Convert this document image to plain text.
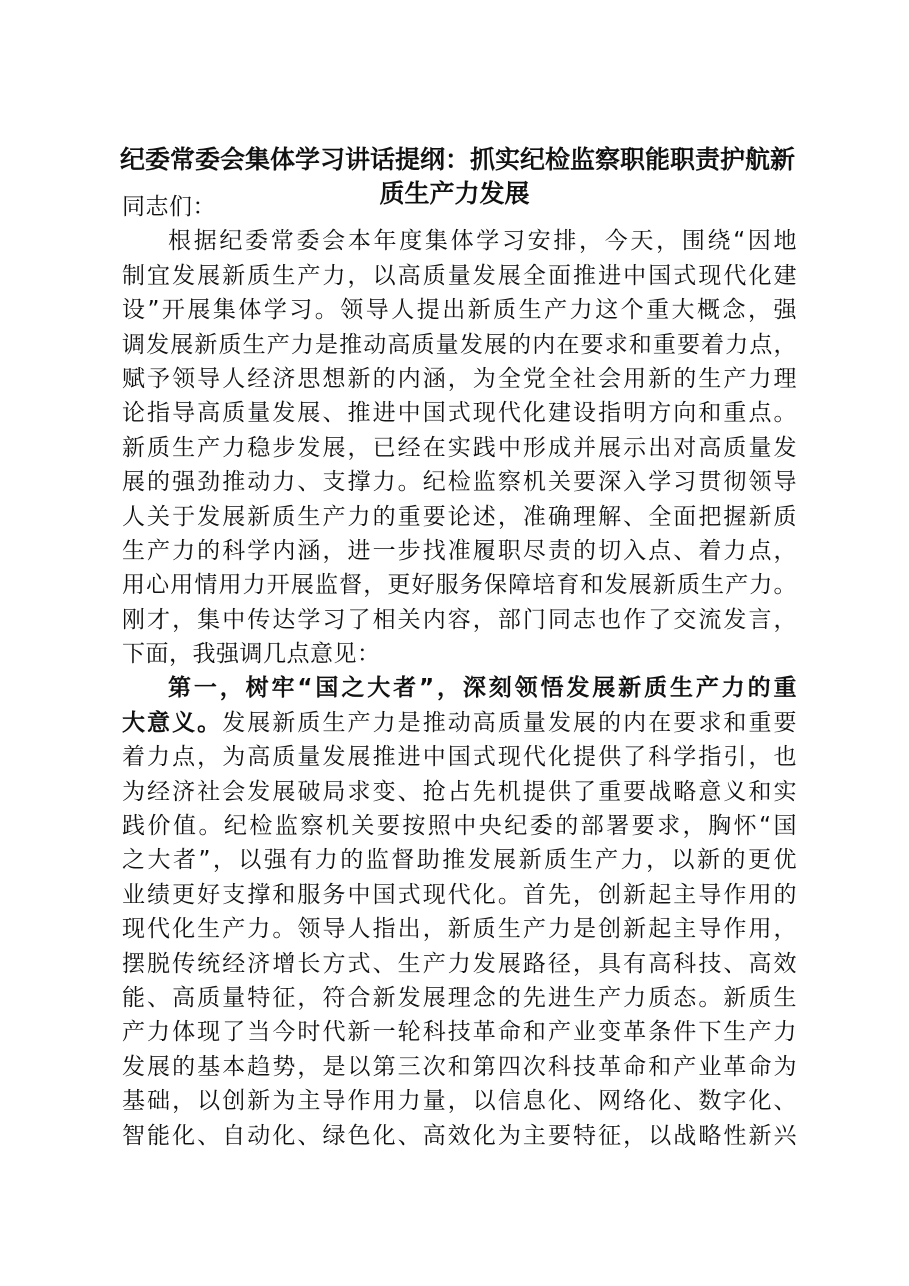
纪委常委会集体学习讲话提纲：抓实纪检监察职能职责护航新
质生产力发展
同志们：
根据纪委常委会本年度集体学习安排，今天，围绕“因地
制宜发展新质生产力，以高质量发展全面推进中国式现代化建
设”开展集体学习。领导人提出新质生产力这个重大概念，强
调发展新质生产力是推动高质量发展的内在要求和重要着力点，
赋予领导人经济思想新的内涵，为全党全社会用新的生产力理
论指导高质量发展、推进中国式现代化建设指明方向和重点。
新质生产力稳步发展，已经在实践中形成并展示出对高质量发
展的强劲推动力、支撑力。纪检监察机关要深入学习贯彻领导
人关于发展新质生产力的重要论述，准确理解、全面把握新质
生产力的科学内涵，进一步找准履职尽责的切入点、着力点，
用心用情用力开展监督，更好服务保障培育和发展新质生产力。
刚才，集中传达学习了相关内容，部门同志也作了交流发言，
下面，我强调几点意见：
第一，树牢“国之大者”，深刻领悟发展新质生产力的重
大意义。发展新质生产力是推动高质量发展的内在要求和重要
着力点，为高质量发展推进中国式现代化提供了科学指引，也
为经济社会发展破局求变、抢占先机提供了重要战略意义和实
践价值。纪检监察机关要按照中央纪委的部署要求，胸怀“国
之大者”，以强有力的监督助推发展新质生产力，以新的更优
业绩更好支撑和服务中国式现代化。首先，创新起主导作用的
现代化生产力。领导人指出，新质生产力是创新起主导作用，
摆脱传统经济增长方式、生产力发展路径，具有高科技、高效
能、高质量特征，符合新发展理念的先进生产力质态。新质生
产力体现了当今时代新一轮科技革命和产业变革条件下生产力
发展的基本趋势，是以第三次和第四次科技革命和产业革命为
基础，以创新为主导作用力量，以信息化、网络化、数字化、
智能化、自动化、绿色化、高效化为主要特征，以战略性新兴
